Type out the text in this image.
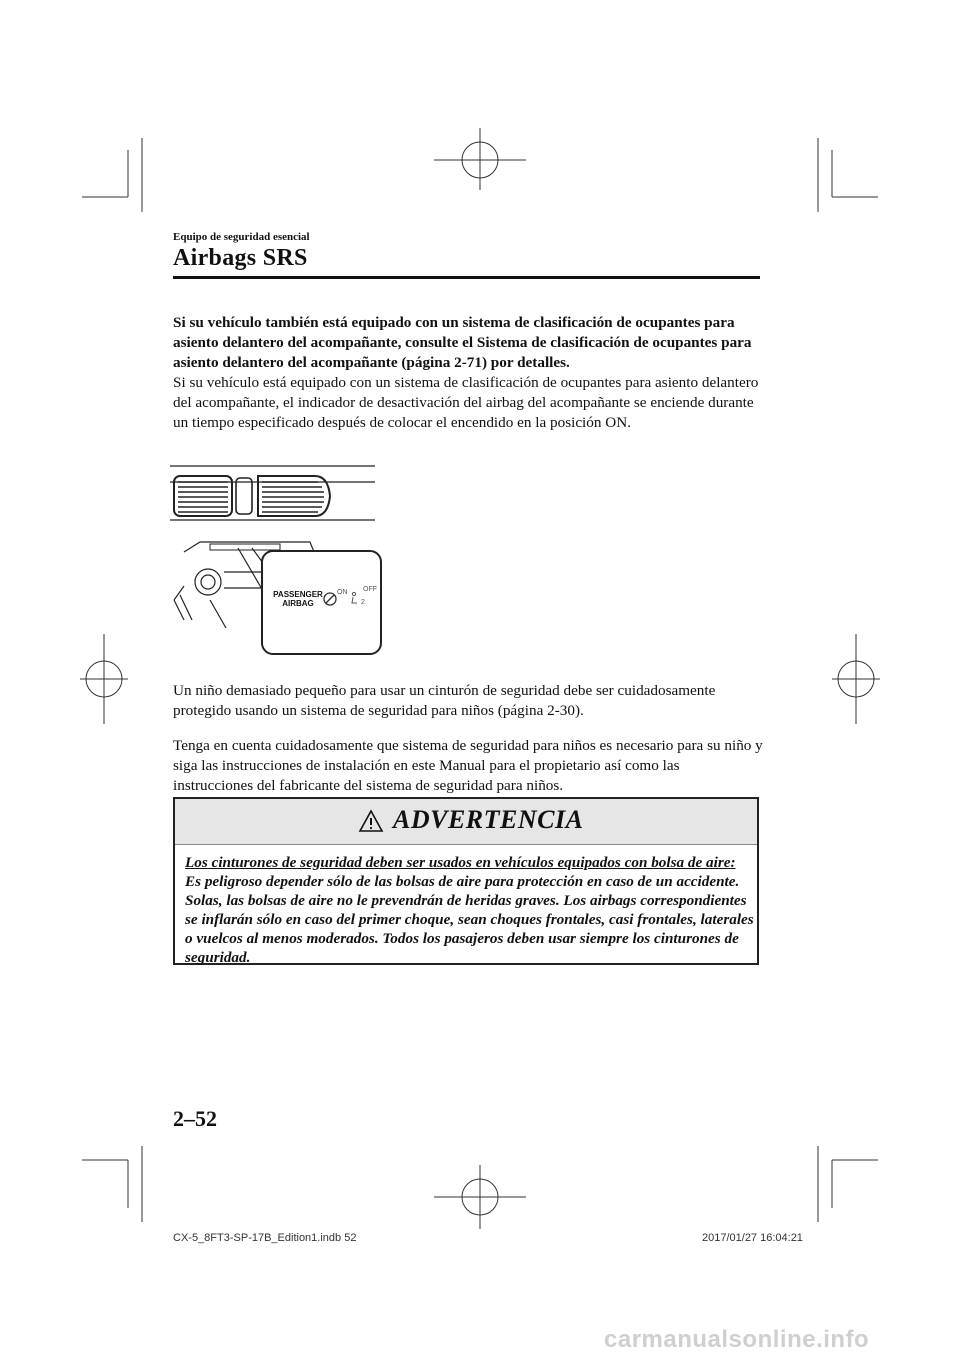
Equipo de seguridad esencial
Airbags SRS

Si su vehículo también está equipado con un sistema de clasificación de ocupantes para asiento delantero del acompañante, consulte el Sistema de clasificación de ocupantes para asiento delantero del acompañante (página 2-71) por detalles.
Si su vehículo está equipado con un sistema de clasificación de ocupantes para asiento delantero del acompañante, el indicador de desactivación del airbag del acompañante se enciende durante un tiempo especificado después de colocar el encendido en la posición ON.

PASSENGER
AIRBAG
ON OFF
2

Un niño demasiado pequeño para usar un cinturón de seguridad debe ser cuidadosamente protegido usando un sistema de seguridad para niños (página 2-30).

Tenga en cuenta cuidadosamente que sistema de seguridad para niños es necesario para su niño y siga las instrucciones de instalación en este Manual para el propietario así como las instrucciones del fabricante del sistema de seguridad para niños.

ADVERTENCIA
Los cinturones de seguridad deben ser usados en vehículos equipados con bolsa de aire:
Es peligroso depender sólo de las bolsas de aire para protección en caso de un accidente. Solas, las bolsas de aire no le prevendrán de heridas graves. Los airbags correspondientes se inflarán sólo en caso del primer choque, sean choques frontales, casi frontales, laterales o vuelcos al menos moderados. Todos los pasajeros deben usar siempre los cinturones de seguridad.
2–52
CX-5_8FT3-SP-17B_Edition1.indb 52	2017/01/27 16:04:21
carmanualsonline.info
